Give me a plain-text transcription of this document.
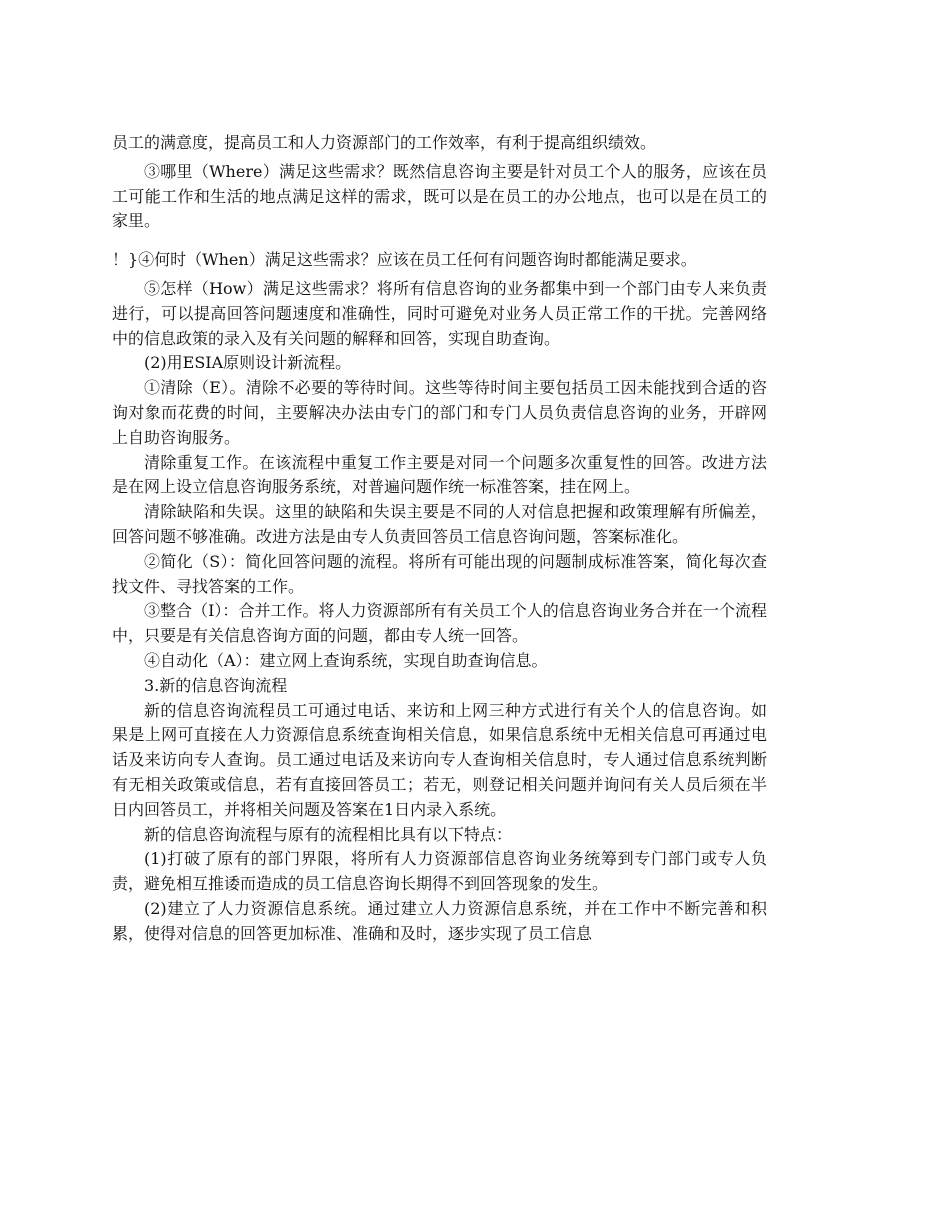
员工的满意度，提高员工和人力资源部门的工作效率，有利于提高组织绩效。

③哪里（Where）满足这些需求？既然信息咨询主要是针对员工个人的服务，应该在员工可能工作和生活的地点满足这样的需求，既可以是在员工的办公地点，也可以是在员工的家里。

！}④何时（When）满足这些需求？应该在员工任何有问题咨询时都能满足要求。

⑤怎样（How）满足这些需求？将所有信息咨询的业务都集中到一个部门由专人来负责进行，可以提高回答问题速度和准确性，同时可避免对业务人员正常工作的干扰。完善网络中的信息政策的录入及有关问题的解释和回答，实现自助查询。

(2)用ESIA原则设计新流程。

①清除（E）。清除不必要的等待时间。这些等待时间主要包括员工因未能找到合适的咨询对象而花费的时间，主要解决办法由专门的部门和专门人员负责信息咨询的业务，开辟网上自助咨询服务。

清除重复工作。在该流程中重复工作主要是对同一个问题多次重复性的回答。改进方法是在网上设立信息咨询服务系统，对普遍问题作统一标准答案，挂在网上。

清除缺陷和失误。这里的缺陷和失误主要是不同的人对信息把握和政策理解有所偏差，回答问题不够准确。改进方法是由专人负责回答员工信息咨询问题，答案标准化。

②简化（S）：简化回答问题的流程。将所有可能出现的问题制成标准答案，简化每次查找文件、寻找答案的工作。

③整合（I）：合并工作。将人力资源部所有有关员工个人的信息咨询业务合并在一个流程中，只要是有关信息咨询方面的问题，都由专人统一回答。

④自动化（A）：建立网上查询系统，实现自助查询信息。

3.新的信息咨询流程

新的信息咨询流程员工可通过电话、来访和上网三种方式进行有关个人的信息咨询。如果是上网可直接在人力资源信息系统查询相关信息，如果信息系统中无相关信息可再通过电话及来访向专人查询。员工通过电话及来访向专人查询相关信息时，专人通过信息系统判断有无相关政策或信息，若有直接回答员工；若无，则登记相关问题并询问有关人员后须在半日内回答员工，并将相关问题及答案在1日内录入系统。

新的信息咨询流程与原有的流程相比具有以下特点：

(1)打破了原有的部门界限，将所有人力资源部信息咨询业务统筹到专门部门或专人负责，避免相互推诿而造成的员工信息咨询长期得不到回答现象的发生。

(2)建立了人力资源信息系统。通过建立人力资源信息系统，并在工作中不断完善和积累，使得对信息的回答更加标准、准确和及时，逐步实现了员工信息
